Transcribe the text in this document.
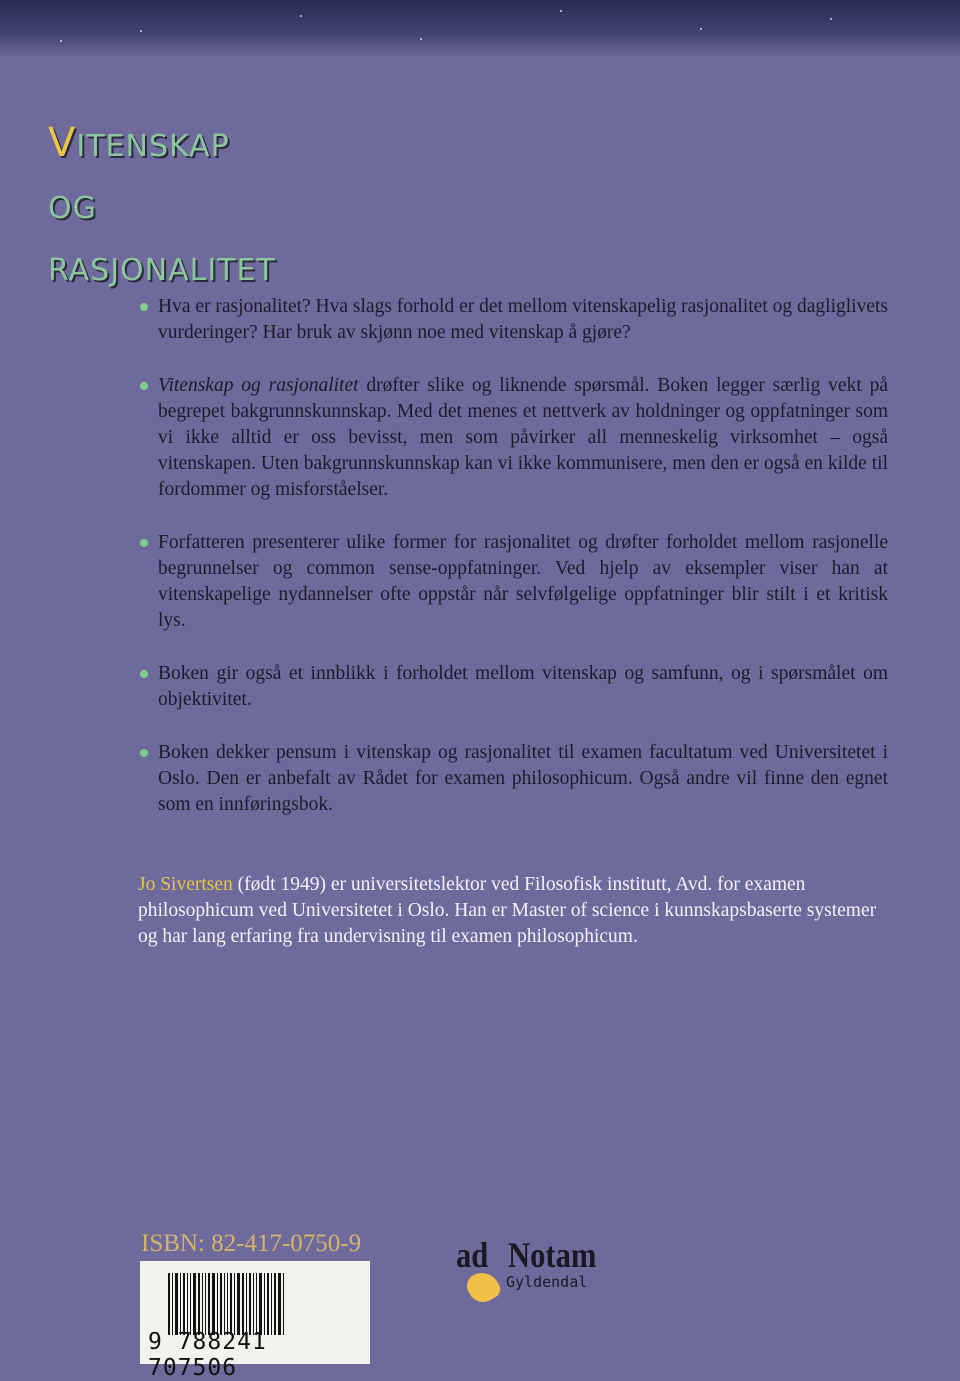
VITENSKAP
OG
RASJONALITET
Hva er rasjonalitet? Hva slags forhold er det mellom vitenskapelig rasjonalitet og dagliglivets vurderinger? Har bruk av skjønn noe med vitenskap å gjøre?
Vitenskap og rasjonalitet drøfter slike og liknende spørsmål. Boken legger særlig vekt på begrepet bakgrunnskunnskap. Med det menes et nettverk av holdninger og oppfatninger som vi ikke alltid er oss bevisst, men som påvirker all menneskelig virksomhet – også vitenskapen. Uten bakgrunnskunnskap kan vi ikke kommunisere, men den er også en kilde til fordommer og misforståelser.
Forfatteren presenterer ulike former for rasjonalitet og drøfter forholdet mellom rasjonelle begrunnelser og common sense-oppfatninger. Ved hjelp av eksempler viser han at vitenskapelige nydannelser ofte oppstår når selvfølgelige oppfatninger blir stilt i et kritisk lys.
Boken gir også et innblikk i forholdet mellom vitenskap og samfunn, og i spørsmålet om objektivitet.
Boken dekker pensum i vitenskap og rasjonalitet til examen facultatum ved Universitetet i Oslo. Den er anbefalt av Rådet for examen philosophicum. Også andre vil finne den egnet som en innføringsbok.
Jo Sivertsen (født 1949) er universitetslektor ved Filosofisk institutt, Avd. for examen philosophicum ved Universitetet i Oslo. Han er Master of science i kunnskapsbaserte systemer og har lang erfaring fra undervisning til examen philosophicum.
ISBN: 82-417-0750-9
9 788241 707506
ad Notam
Gyldendal
